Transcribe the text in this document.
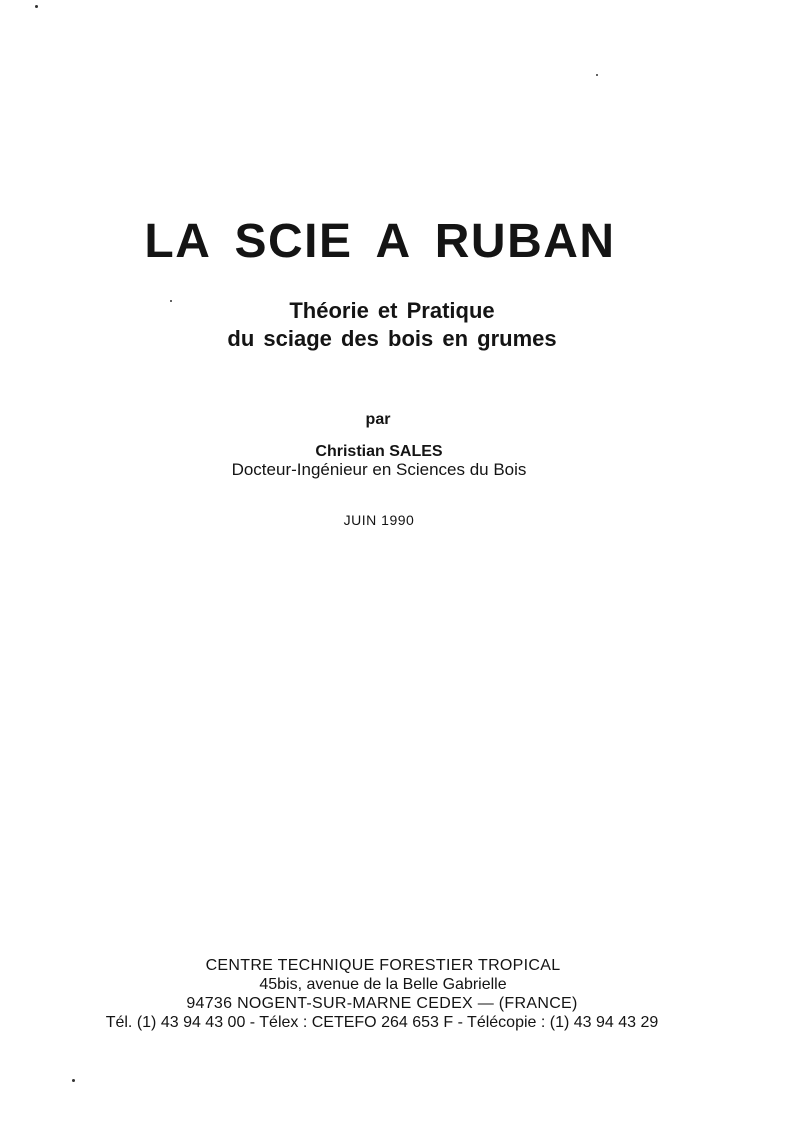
LA SCIE A RUBAN
Théorie et Pratique
du sciage des bois en grumes
par
Christian SALES
Docteur-Ingénieur en Sciences du Bois
JUIN 1990
CENTRE TECHNIQUE FORESTIER TROPICAL
45bis, avenue de la Belle Gabrielle
94736 NOGENT-SUR-MARNE CEDEX — (FRANCE)
Tél. (1) 43 94 43 00 - Télex : CETEFO 264 653 F - Télécopie : (1) 43 94 43 29
